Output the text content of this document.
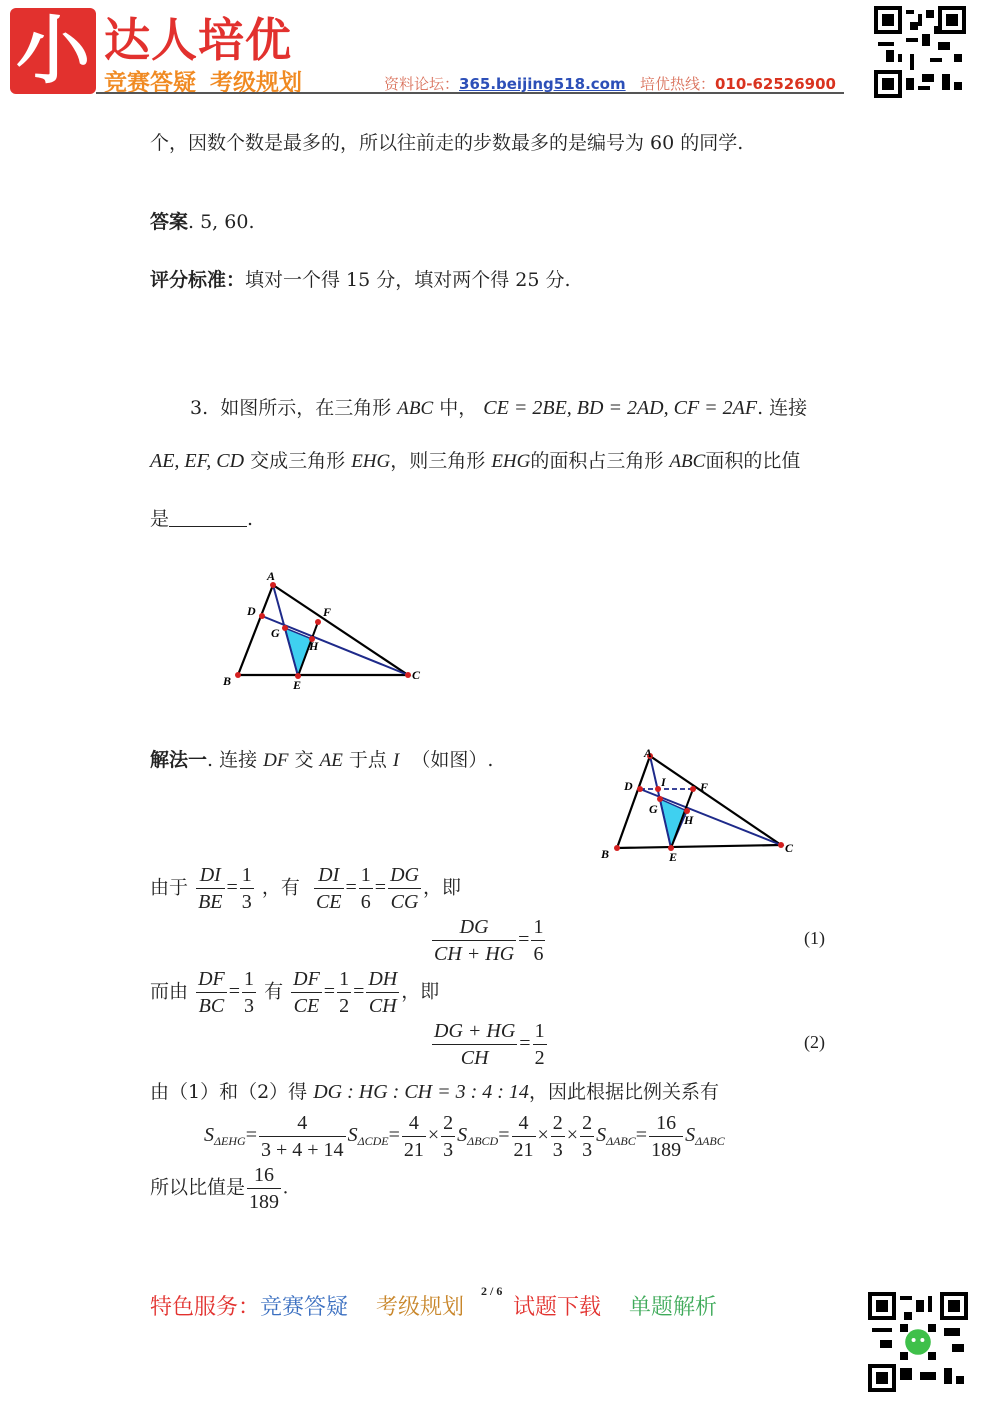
小 达人培优
竞赛答疑 考级规划	资料论坛：365.beijing518.com 培优热线：010-62526900
个，因数个数是最多的，所以往前走的步数最多的是编号为 60 的同学.
答案. 5, 60.
评分标准：填对一个得 15 分，填对两个得 25 分.
3. 如图所示，在三角形 ABC 中， CE = 2BE, BD = 2AD, CF = 2AF. 连接
AE, EF, CD 交成三角形 EHG，则三角形 EHG的面积占三角形 ABC面积的比值
是	.
A
B	C
D
E
F
G
H
解法一. 连接 DF 交 AE 于点 I （如图）.	A
B	C
D
E
F
G
H
I
由于 $\frac{DI}{BE} = \frac{1}{3}$ ，有 $\frac{DI}{CE} = \frac{1}{6} = \frac{DG}{CG}$ ，即
$\frac{DG}{CH + HG} = \frac{1}{6}$	(1)
而由 $\frac{DF}{BC} = \frac{1}{3}$ 有 $\frac{DF}{CE} = \frac{1}{2} = \frac{DH}{CH}$ ，即
$\frac{DG + HG}{CH} = \frac{1}{2}$	(2)
由（1）和（2）得 DG : HG : CH = 3 : 4 : 14，因此根据比例关系有
$S_{\Delta EHG}= \frac{4}{3 + 4 + 14} S_{\Delta CDE}= \frac{4}{21} \times \frac{2}{3} S_{\Delta BCD}= \frac{4}{21} \times \frac{2}{3} \times \frac{2}{3} S_{\Delta ABC}= \frac{16}{189} S_{\Delta ABC}$
所以比值是 $\frac{16}{189}$ .
特色服务：竞赛答疑 考级规划 试题下载 单题解析
2 / 6
